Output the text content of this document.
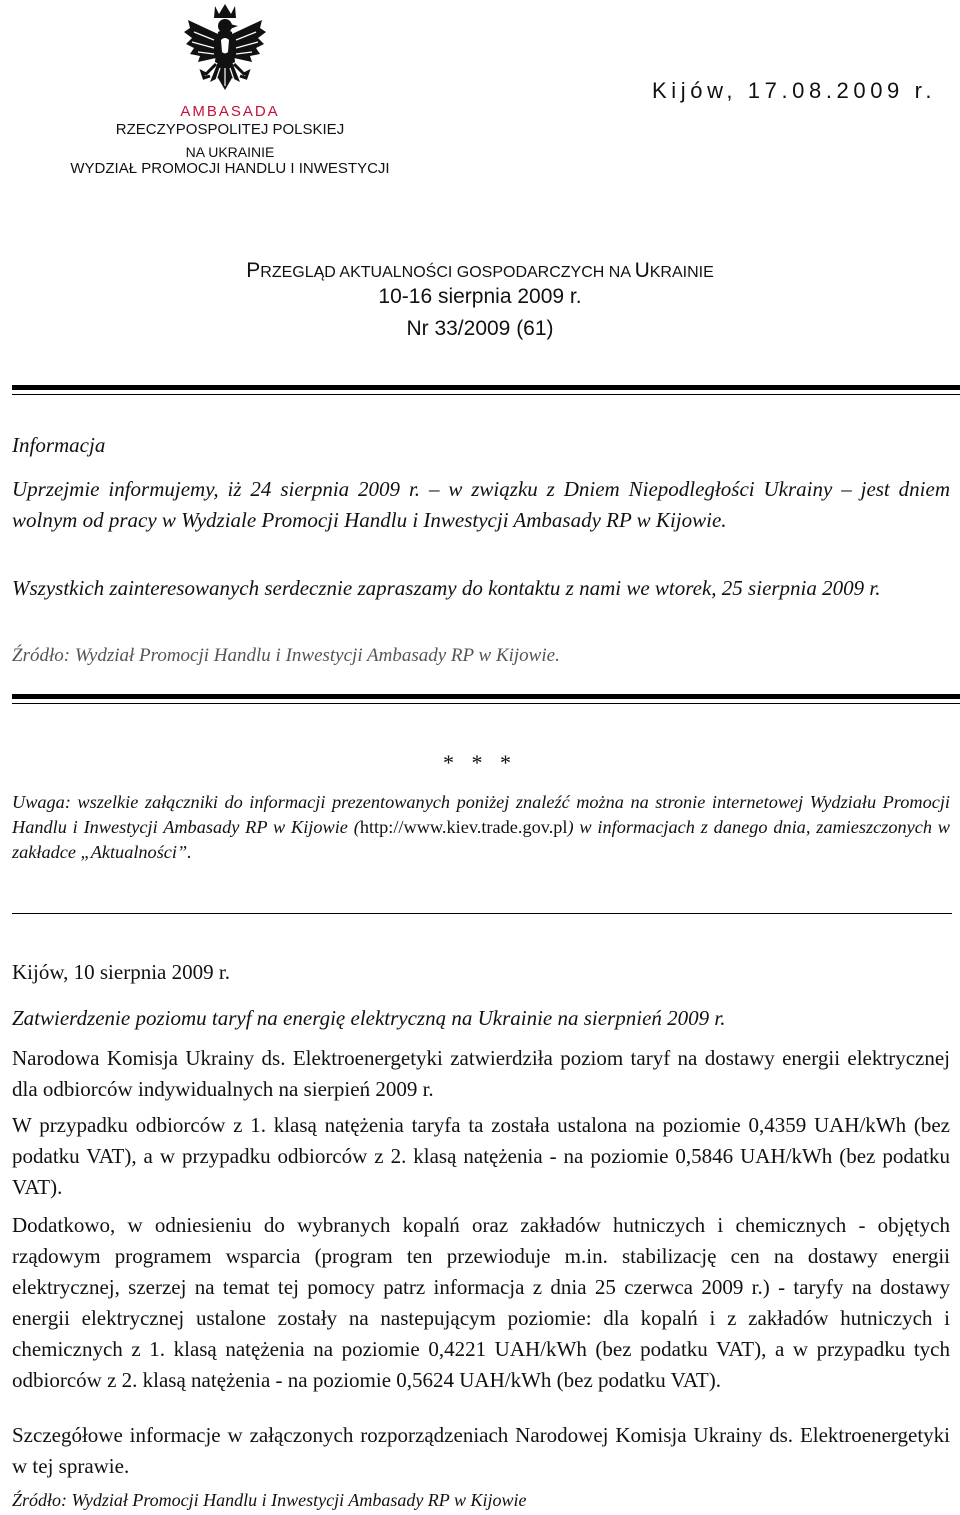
AMBASADA
RZECZYPOSPOLITEJ POLSKIEJ
NA UKRAINIE
WYDZIAŁ PROMOCJI HANDLU I INWESTYCJI
Kijów, 17.08.2009 r.
PRZEGLĄD AKTUALNOŚCI GOSPODARCZYCH NA UKRAINIE
10-16 sierpnia 2009 r.
Nr 33/2009 (61)
Informacja
Uprzejmie informujemy, iż 24 sierpnia 2009 r. – w związku z Dniem Niepodległości Ukrainy – jest dniem wolnym od pracy w Wydziale Promocji Handlu i Inwestycji Ambasady RP w Kijowie.
Wszystkich zainteresowanych serdecznie zapraszamy do kontaktu z nami we wtorek, 25 sierpnia 2009 r.
Źródło: Wydział Promocji Handlu i Inwestycji Ambasady RP w Kijowie.
* * *
Uwaga: wszelkie załączniki do informacji prezentowanych poniżej znaleźć można na stronie internetowej Wydziału Promocji Handlu i Inwestycji Ambasady RP w Kijowie (http://www.kiev.trade.gov.pl) w informacjach z danego dnia, zamieszczonych w zakładce „Aktualności”.
Kijów, 10 sierpnia 2009 r.
Zatwierdzenie poziomu taryf na energię elektryczną na Ukrainie na sierpnień 2009 r.
Narodowa Komisja Ukrainy ds. Elektroenergetyki zatwierdziła poziom taryf na dostawy energii elektrycznej dla odbiorców indywidualnych na sierpień 2009 r.
W przypadku odbiorców z 1. klasą natężenia taryfa ta została ustalona na poziomie 0,4359 UAH/kWh (bez podatku VAT), a w przypadku odbiorców z 2. klasą natężenia - na poziomie 0,5846 UAH/kWh (bez podatku VAT).
Dodatkowo, w odniesieniu do wybranych kopalń oraz zakładów hutniczych i chemicznych - objętych rządowym programem wsparcia (program ten przewioduje m.in. stabilizację cen na dostawy energii elektrycznej, szerzej na temat tej pomocy patrz informacja z dnia 25 czerwca 2009 r.) - taryfy na dostawy energii elektrycznej ustalone zostały na nastepującym poziomie: dla kopalń i z zakładów hutniczych i chemicznych z 1. klasą natężenia na poziomie 0,4221 UAH/kWh (bez podatku VAT), a w przypadku tych odbiorców z 2. klasą natężenia - na poziomie 0,5624 UAH/kWh (bez podatku VAT).
Szczegółowe informacje w załączonych rozporządzeniach Narodowej Komisja Ukrainy ds. Elektroenergetyki w tej sprawie.
Źródło: Wydział Promocji Handlu i Inwestycji Ambasady RP w Kijowie
